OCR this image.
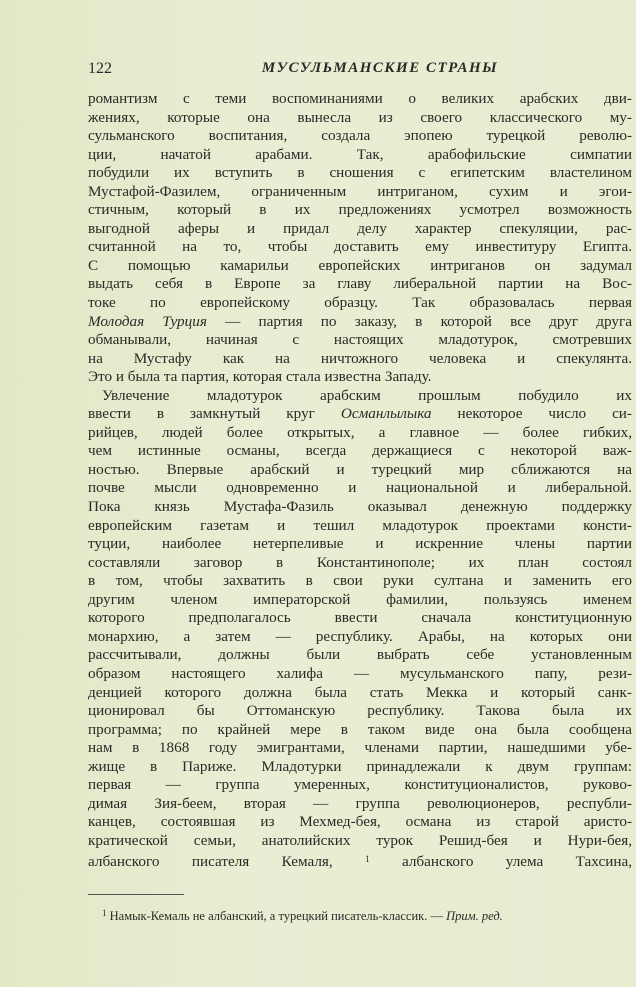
122	МУСУЛЬМАНСКИЕ СТРАНЫ
романтизм с теми воспоминаниями о великих арабских дви-
жениях, которые она вынесла из своего классического му-
сульманского воспитания, создала эпопею турецкой револю-
ции, начатой арабами. Так, арабофильские симпатии
побудили их вступить в сношения с египетским властелином
Мустафой-Фазилем, ограниченным интриганом, сухим и эгои-
стичным, который в их предложениях усмотрел возможность
выгодной аферы и придал делу характер спекуляции, рас-
считанной на то, чтобы доставить ему инвеституру Египта.
С помощью камарильи европейских интриганов он задумал
выдать себя в Европе за главу либеральной партии на Вос-
токе по европейскому образцу. Так образовалась первая
Молодая Турция — партия по заказу, в которой все друг друга
обманывали, начиная с настоящих младотурок, смотревших
на Мустафу как на ничтожного человека и спекулянта.
Это и была та партия, которая стала известна Западу.
Увлечение младотурок арабским прошлым побудило их
ввести в замкнутый круг Османлылыка некоторое число си-
рийцев, людей более открытых, а главное — более гибких,
чем истинные османы, всегда держащиеся с некоторой важ-
ностью. Впервые арабский и турецкий мир сближаются на
почве мысли одновременно и национальной и либеральной.
Пока князь Мустафа-Фазиль оказывал денежную поддержку
европейским газетам и тешил младотурок проектами консти-
туции, наиболее нетерпеливые и искренние члены партии
составляли заговор в Константинополе; их план состоял
в том, чтобы захватить в свои руки султана и заменить его
другим членом императорской фамилии, пользуясь именем
которого предполагалось ввести сначала конституционную
монархию, а затем — республику. Арабы, на которых они
рассчитывали, должны были выбрать себе установленным
образом настоящего халифа — мусульманского папу, рези-
денцией которого должна была стать Мекка и который санк-
ционировал бы Оттоманскую республику. Такова была их
программа; по крайней мере в таком виде она была сообщена
нам в 1868 году эмигрантами, членами партии, нашедшими убе-
жище в Париже. Младотурки принадлежали к двум группам:
первая — группа умеренных, конституционалистов, руково-
димая Зия-беем, вторая — группа революционеров, республи-
канцев, состоявшая из Мехмед-бея, османа из старой аристо-
кратической семьи, анатолийских турок Решид-бея и Нури-бея,
албанского писателя Кемаля, $^1$ албанского улема Тахсина,
$^1$ Намык-Кемаль не албанский, а турецкий писатель-классик. — Прим. ред.
